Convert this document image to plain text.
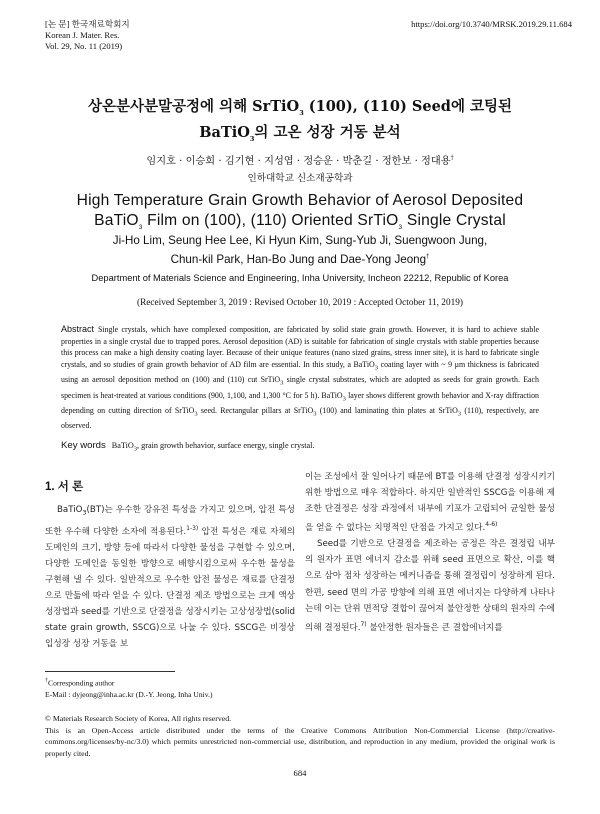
[논 문] 한국재료학회지
Korean J. Mater. Res.
Vol. 29, No. 11 (2019)
https://doi.org/10.3740/MRSK.2019.29.11.684
상온분사분말공정에 의해 SrTiO$_3$ (100), (110) Seed에 코팅된
BaTiO$_3$의 고온 성장 거동 분석
임지호 · 이승희 · 김기현 · 지성엽 · 정승운 · 박춘길 · 정한보 · 정대용†
인하대학교 신소재공학과
High Temperature Grain Growth Behavior of Aerosol Deposited
BaTiO$_3$ Film on (100), (110) Oriented SrTiO$_3$ Single Crystal
Ji-Ho Lim, Seung Hee Lee, Ki Hyun Kim, Sung-Yub Ji, Suengwoon Jung,
Chun-kil Park, Han-Bo Jung and Dae-Yong Jeong†
Department of Materials Science and Engineering, Inha University, Incheon 22212, Republic of Korea
(Received September 3, 2019 : Revised October 10, 2019 : Accepted October 11, 2019)
Abstract Single crystals, which have complexed composition, are fabricated by solid state grain growth. However, it is hard to achieve stable properties in a single crystal due to trapped pores. Aerosol deposition (AD) is suitable for fabrication of single crystals with stable properties because this process can make a high density coating layer. Because of their unique features (nano sized grains, stress inner site), it is hard to fabricate single crystals, and so studies of grain growth behavior of AD film are essential. In this study, a BaTiO$_3$ coating layer with ~ 9 μm thickness is fabricated using an aerosol deposition method on (100) and (110) cut SrTiO$_3$ single crystal substrates, which are adopted as seeds for grain growth. Each specimen is heat-treated at various conditions (900, 1,100, and 1,300 °C for 5 h). BaTiO$_3$ layer shows different growth behavior and X-ray diffraction depending on cutting direction of SrTiO$_3$ seed. Rectangular pillars at SrTiO$_3$ (100) and laminating thin plates at SrTiO$_3$ (110), respectively, are observed.
Key words BaTiO$_3$, grain growth behavior, surface energy, single crystal.
1. 서 론

BaTiO$_3$(BT)는 우수한 강유전 특성을 가지고 있으며, 압전 특성 또한 우수해 다양한 소자에 적용된다.$^{1-3)}$ 압전 특성은 재료 자체의 도메인의 크기, 방향 등에 따라서 다양한 물성을 구현할 수 있으며, 다양한 도메인을 동일한 방향으로 배향시킴으로써 우수한 물성을 구현해 낼 수 있다. 일반적으로 우수한 압전 물성은 재료를 단결정으로 만듦에 따라 얻을 수 있다. 단결정 제조 방법으로는 크게 액상성장법과 seed를 기반으로 단결정을 성장시키는 고상성장법(solid state grain growth, SSCG)으로 나눌 수 있다. SSCG은 비정상 입성장 성장 거동을 보

이는 조성에서 잘 일어나기 때문에 BT를 이용해 단결정 성장시키기위한 방법으로 매우 적합하다. 하지만 일반적인 SSCG을 이용해 제조한 단결정은 성장 과정에서 내부에 기포가 고립되어 균일한 물성을 얻을 수 없다는 치명적인 단점을 가지고 있다.$^{4-6)}$

Seed를 기반으로 단결정을 제조하는 공정은 작은 결정립 내부의 원자가 표면 에너지 감소를 위해 seed 표면으로 확산, 이를 핵으로 삼아 점차 성장하는 메커니즘을 통해 결정립이 성장하게 된다. 한편, seed 면의 가공 방향에 의해 표면 에너지는 다양하게 나타나는데 이는 단위 면적당 결합이 끊어져 불안정한 상태의 원자의 수에 의해 결정된다.$^{7)}$ 불안정한 원자들은 큰 결합에너지를

†Corresponding author
E-Mail : dyjeong@inha.ac.kr (D.-Y. Jeong, Inha Univ.)
© Materials Research Society of Korea, All rights reserved.
This is an Open-Access article distributed under the terms of the Creative Commons Attribution Non-Commercial License (http://creative-commons.org/licenses/by-nc/3.0) which permits unrestricted non-commercial use, distribution, and reproduction in any medium, provided the original work is properly cited.
684
